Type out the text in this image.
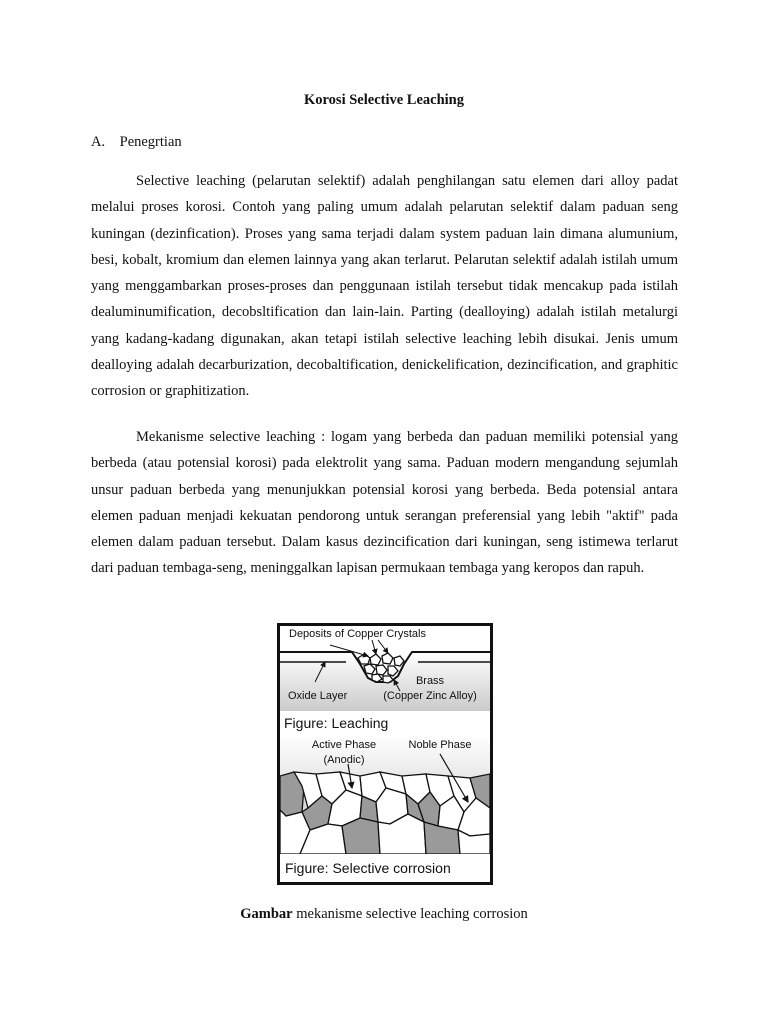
Korosi Selective Leaching
A. Penegrtian

Selective leaching (pelarutan selektif) adalah penghilangan satu elemen dari alloy padat melalui proses korosi. Contoh yang paling umum adalah pelarutan selektif dalam paduan seng kuningan (dezinfication). Proses yang sama terjadi dalam system paduan lain dimana alumunium, besi, kobalt, kromium dan elemen lainnya yang akan terlarut. Pelarutan selektif adalah istilah umum yang menggambarkan proses-proses dan penggunaan istilah tersebut tidak mencakup pada istilah dealuminumification, decobsltification dan lain-lain. Parting (dealloying) adalah istilah metalurgi yang kadang-kadang digunakan, akan tetapi istilah selective leaching lebih disukai. Jenis umum dealloying adalah decarburization, decobaltification, denickelification, dezincification, and graphitic corrosion or graphitization.

Mekanisme selective leaching : logam yang berbeda dan paduan memiliki potensial yang berbeda (atau potensial korosi) pada elektrolit yang sama. Paduan modern mengandung sejumlah unsur paduan berbeda yang menunjukkan potensial korosi yang berbeda. Beda potensial antara elemen paduan menjadi kekuatan pendorong untuk serangan preferensial yang lebih "aktif" pada elemen dalam paduan tersebut. Dalam kasus dezincification dari kuningan, seng istimewa terlarut dari paduan tembaga-seng, meninggalkan lapisan permukaan tembaga yang keropos dan rapuh.

Deposits of Copper Crystals
Oxide Layer
Brass
(Copper Zinc Alloy)
Figure: Leaching
Active Phase
(Anodic)
Noble Phase
Figure: Selective corrosion
Gambar mekanisme selective leaching corrosion
